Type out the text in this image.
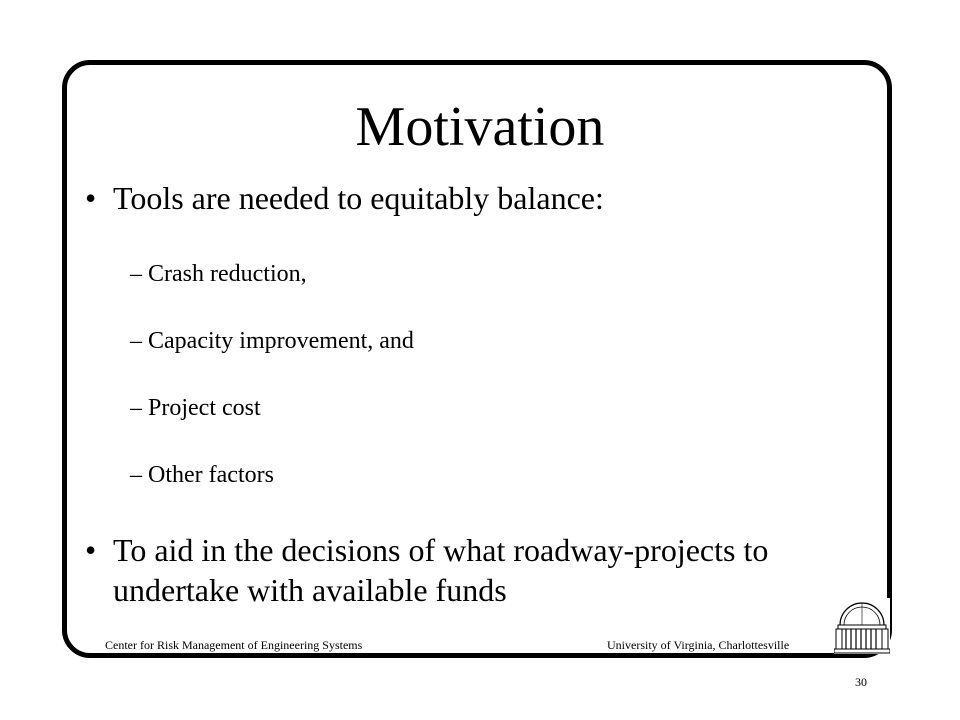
Motivation
• Tools are needed to equitably balance:
– Crash reduction,
– Capacity improvement, and
– Project cost
– Other factors
• To aid in the decisions of what roadway-projects to
undertake with available funds
Center for Risk Management of Engineering Systems	University of Virginia, Charlottesville
30
